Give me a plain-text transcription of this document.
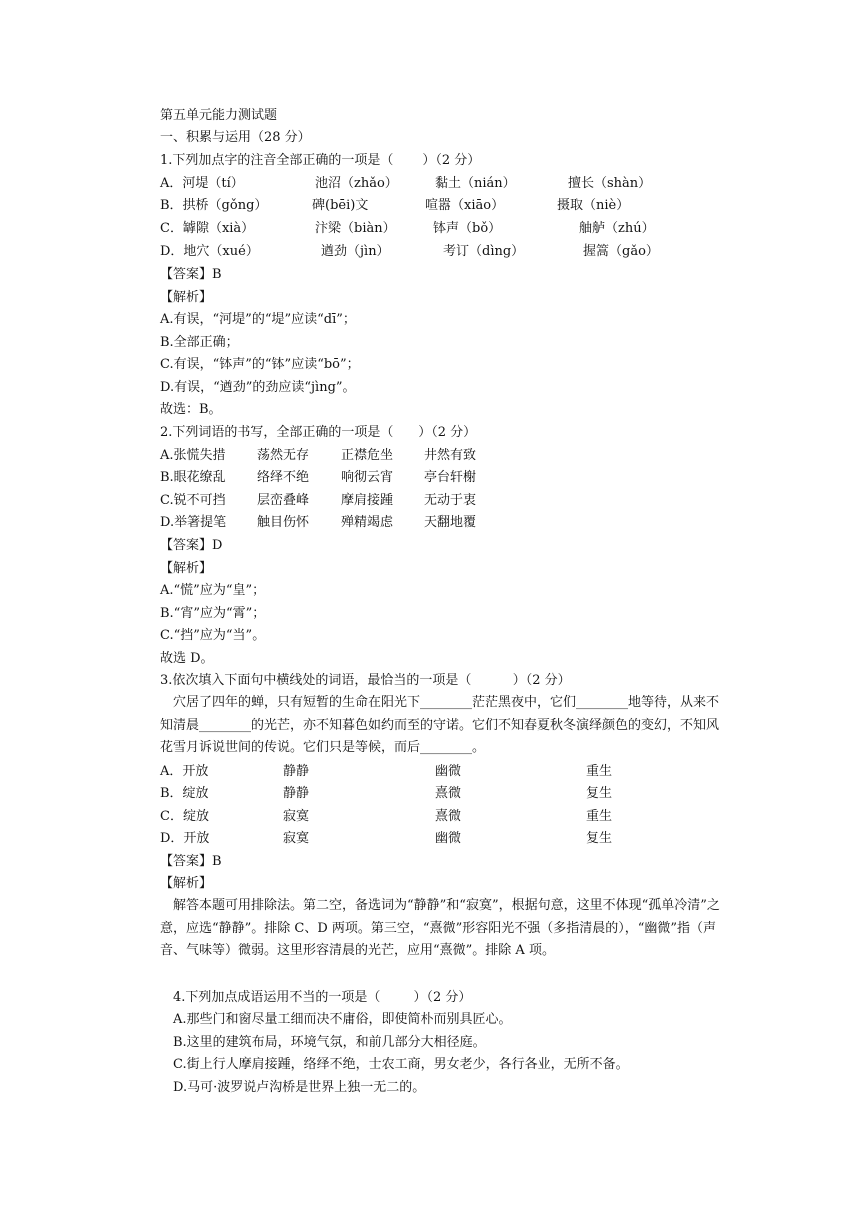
第五单元能力测试题
一、积累与运用（28 分）
1.下列加点字的注音全部正确的一项是（       ）（2 分）
A．河堤（tí）	池沼（zhǎo）	黏土（nián）	擅长（shàn）
B．拱桥（gǒng）	碑(bēi)文	喧嚣（xiāo）	摄取（niè）
C．罅隙（xià）	汴梁（biàn）	钵声（bǒ）	舳舻（zhú）
D．地穴（xué）	遒劲（jìn）	考订（dìng）	握篙（gǎo）
【答案】B
【解析】
A.有误，“河堤”的“堤”应读“dī”；
B.全部正确；
C.有误，“钵声”的“钵”应读“bō”；
D.有误，“遒劲”的劲应读“jìng”。
故选：B。
2.下列词语的书写，全部正确的一项是（      ）（2 分）
A.张慌失措 荡然无存 正襟危坐 井然有致
B.眼花缭乱 络绎不绝 响彻云宵 亭台轩榭
C.锐不可挡 层峦叠峰 摩肩接踵 无动于衷
D.举箸提笔 触目伤怀 殚精竭虑 天翻地覆
【答案】D
【解析】
A.“慌”应为“皇”；
B.“宵”应为“霄”；
C.“挡”应为“当”。
故选 D。
3.依次填入下面句中横线处的词语，最恰当的一项是（          ）（2 分）
穴居了四年的蝉，只有短暂的生命在阳光下________茫茫黑夜中，它们________地等待，从来不知清晨________的光芒，亦不知暮色如约而至的守诺。它们不知春夏秋冬演绎颜色的变幻，不知风花雪月诉说世间的传说。它们只是等候，而后________。
A．开放	静静	幽微	重生
B．绽放	静静	熹微	复生
C．绽放	寂寞	熹微	重生
D．开放	寂寞	幽微	复生
【答案】B
【解析】
解答本题可用排除法。第二空，备选词为“静静”和“寂寞”，根据句意，这里不体现“孤单冷清”之意，应选“静静”。排除 C、D 两项。第三空，“熹微”形容阳光不强（多指清晨的），“幽微”指（声音、气味等）微弱。这里形容清晨的光芒，应用“熹微”。排除 A 项。
4.下列加点成语运用不当的一项是（        ）（2 分）
A.那些门和窗尽量工细而决不庸俗，即使简朴而别具匠心。
B.这里的建筑布局，环境气氛，和前几部分大相径庭。
C.街上行人摩肩接踵，络绎不绝，士农工商，男女老少，各行各业，无所不备。
D.马可·波罗说卢沟桥是世界上独一无二的。
